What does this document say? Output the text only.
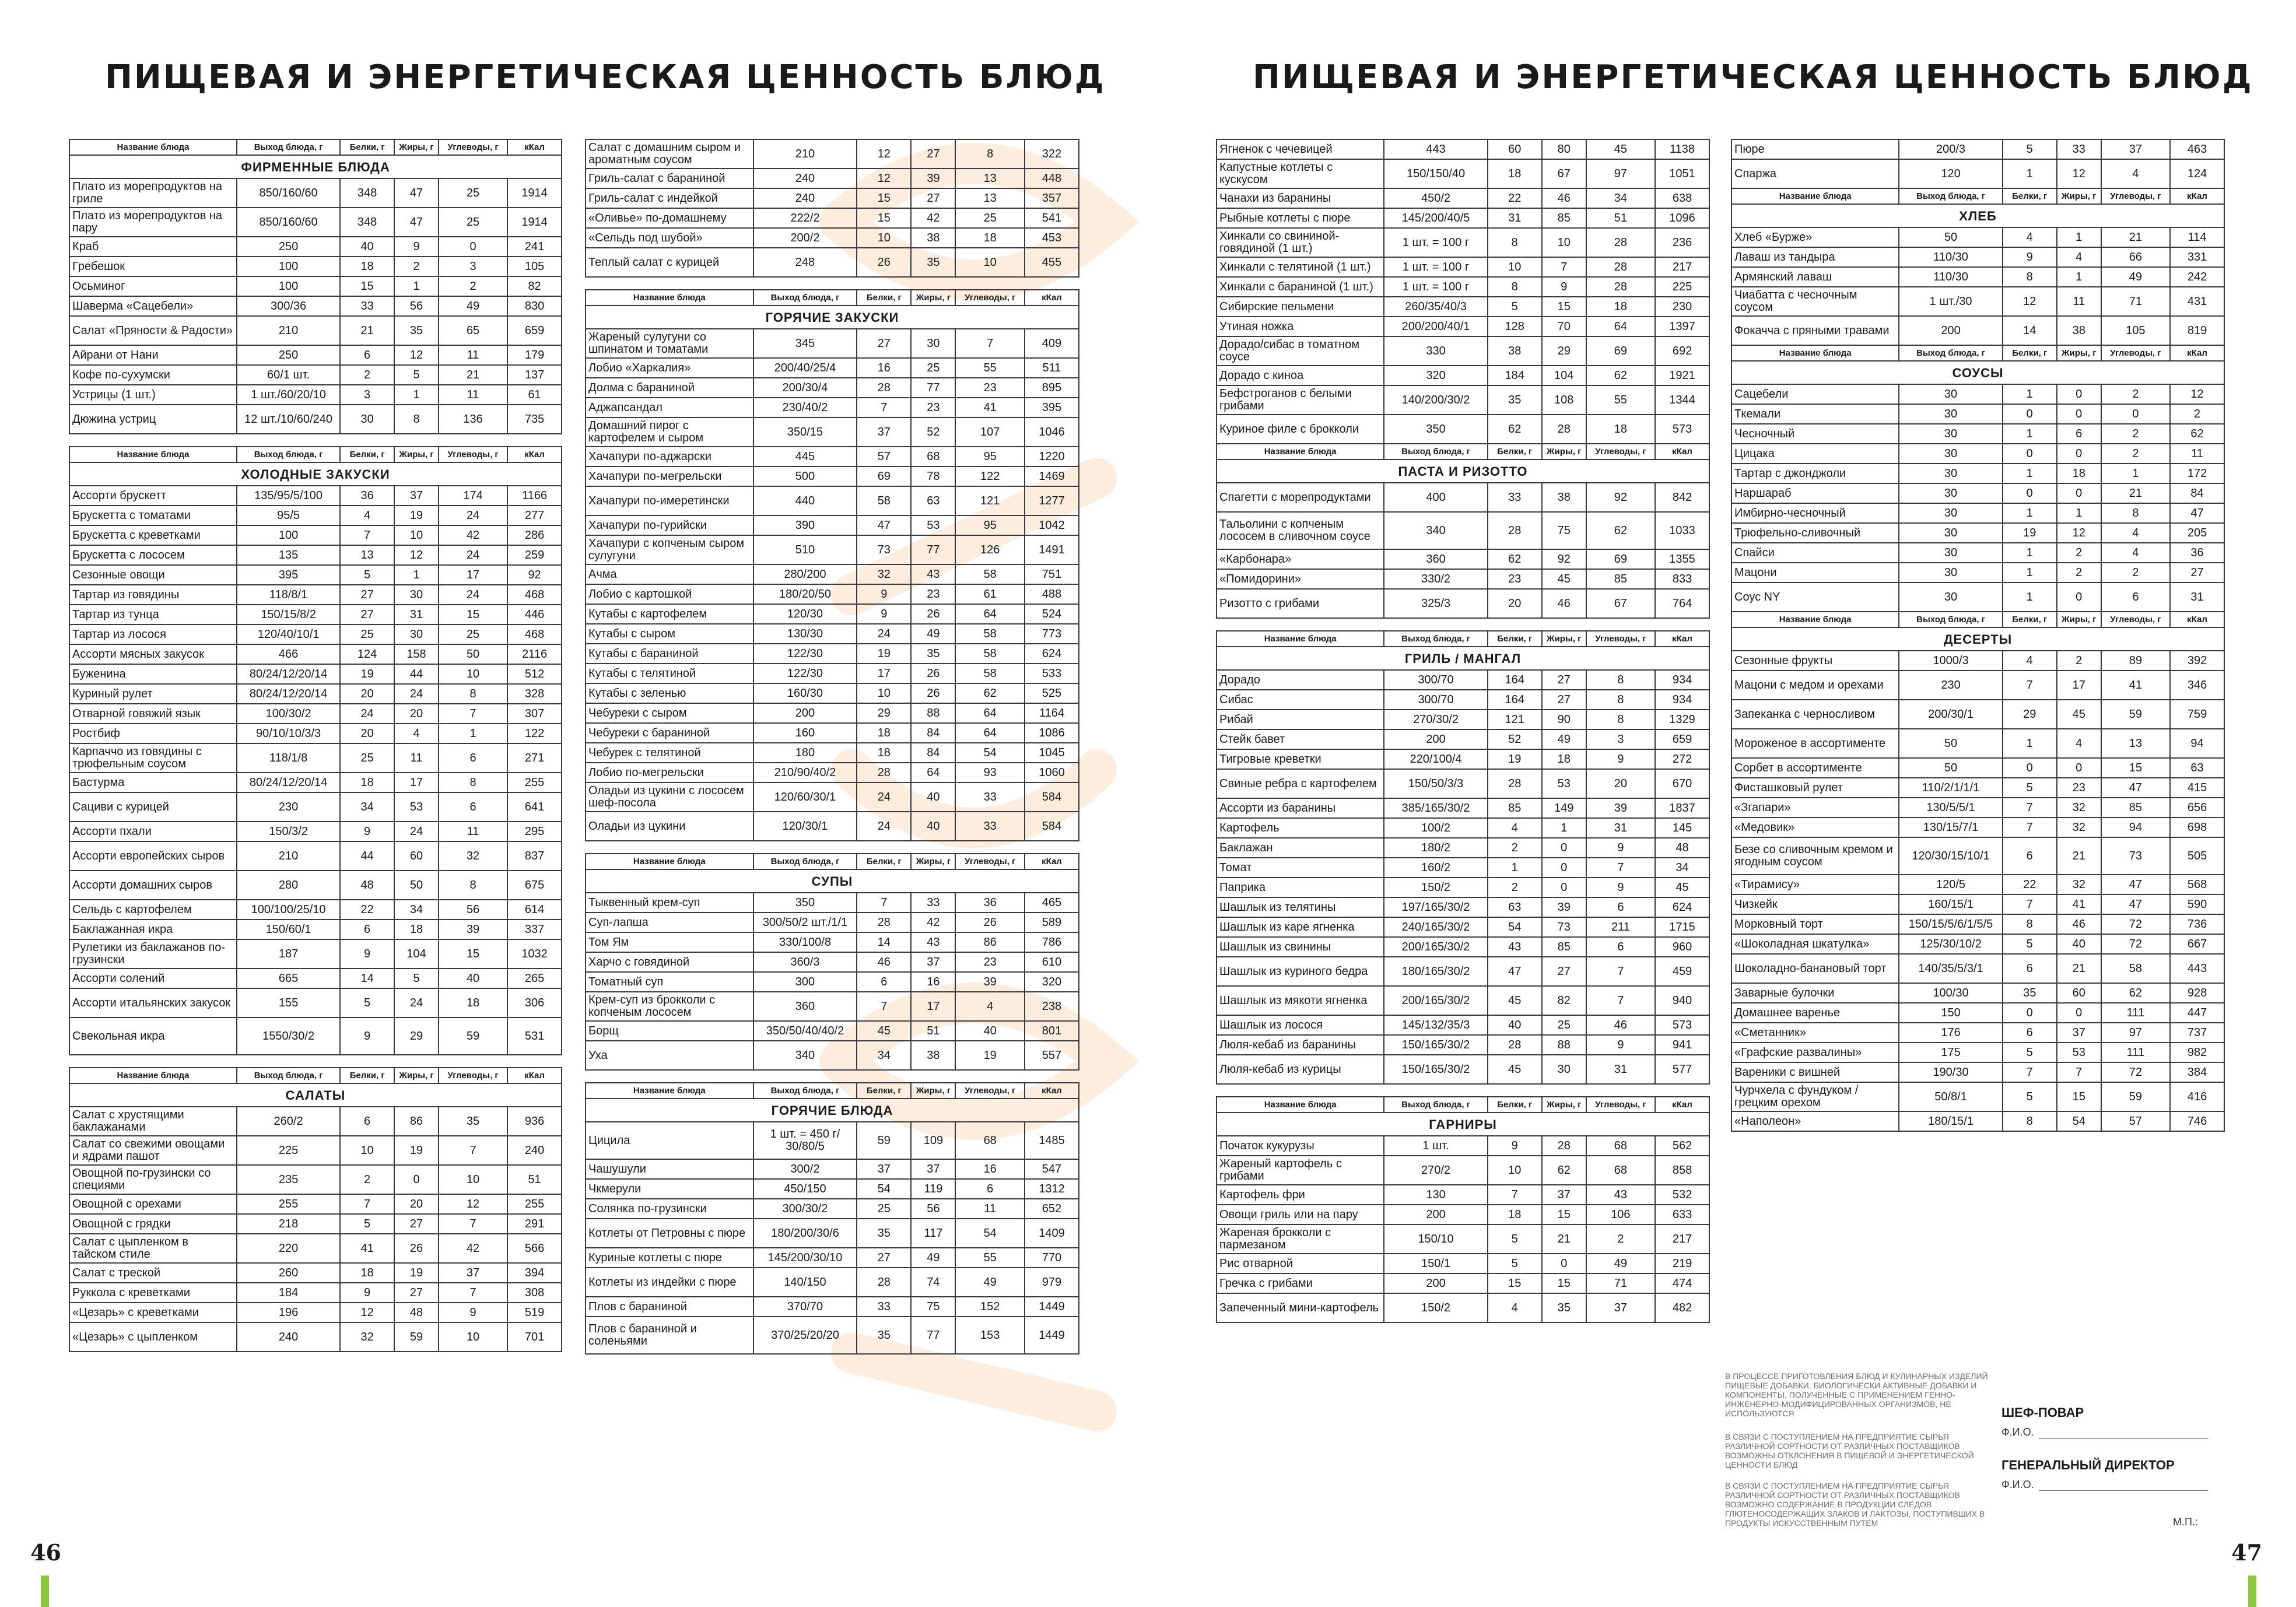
ПИЩЕВАЯ И ЭНЕРГЕТИЧЕСКАЯ ЦЕННОСТЬ БЛЮД	ПИЩЕВАЯ И ЭНЕРГЕТИЧЕСКАЯ ЦЕННОСТЬ БЛЮД
Название блюда	Выход блюда, г	Белки, г	Жиры, г	Углеводы, г	кКал
ФИРМЕННЫЕ БЛЮДА					
Плато из морепродуктов на гриле	850/160/60	348	47	25	1914
Плато из морепродуктов на пару	850/160/60	348	47	25	1914
Краб	250	40	9	0	241
Гребешок	100	18	2	3	105
Осьминог	100	15	1	2	82
Шаверма «Сацебели»	300/36	33	56	49	830
Салат «Пряности & Радости»	210	21	35	65	659
Айрани от Нани	250	6	12	11	179
Кофе по-сухумски	60/1 шт.	2	5	21	137
Устрицы (1 шт.)	1 шт./60/20/10	3	1	11	61
Дюжина устриц	12 шт./10/60/240	30	8	136	735

Название блюда	Выход блюда, г	Белки, г	Жиры, г	Углеводы, г	кКал
ХОЛОДНЫЕ ЗАКУСКИ					
Ассорти брускетт	135/95/5/100	36	37	174	1166
Брускетта с томатами	95/5	4	19	24	277
Брускетта с креветками	100	7	10	42	286
Брускетта с лососем	135	13	12	24	259
Сезонные овощи	395	5	1	17	92
Тартар из говядины	118/8/1	27	30	24	468
Тартар из тунца	150/15/8/2	27	31	15	446
Тартар из лосося	120/40/10/1	25	30	25	468
Ассорти мясных закусок	466	124	158	50	2116
Буженина	80/24/12/20/14	19	44	10	512
Куриный рулет	80/24/12/20/14	20	24	8	328
Отварной говяжий язык	100/30/2	24	20	7	307
Ростбиф	90/10/10/3/3	20	4	1	122
Карпаччо из говядины с трюфельным соусом	118/1/8	25	11	6	271
Бастурма	80/24/12/20/14	18	17	8	255
Сациви с курицей	230	34	53	6	641
Ассорти пхали	150/3/2	9	24	11	295
Ассорти европейских сыров	210	44	60	32	837
Ассорти домашних сыров	280	48	50	8	675
Сельдь с картофелем	100/100/25/10	22	34	56	614
Баклажанная икра	150/60/1	6	18	39	337
Рулетики из баклажанов по-грузински	187	9	104	15	1032
Ассорти солений	665	14	5	40	265
Ассорти итальянских закусок	155	5	24	18	306
Свекольная икра	1550/30/2	9	29	59	531

Название блюда	Выход блюда, г	Белки, г	Жиры, г	Углеводы, г	кКал
САЛАТЫ					
Салат с хрустящими баклажанами	260/2	6	86	35	936
Салат со свежими овощами и ядрами пашот	225	10	19	7	240
Овощной по-грузински со специями	235	2	0	10	51
Овощной с орехами	255	7	20	12	255
Овощной с грядки	218	5	27	7	291
Салат с цыпленком в тайском стиле	220	41	26	42	566
Салат с треской	260	18	19	37	394
Руккола с креветками	184	9	27	7	308
«Цезарь» с креветками	196	12	48	9	519
«Цезарь» с цыпленком	240	32	59	10	701
Салат с домашним сыром и ароматным соусом	210	12	27	8	322
Гриль-салат с бараниной	240	12	39	13	448
Гриль-салат с индейкой	240	15	27	13	357
«Оливье» по-домашнему	222/2	15	42	25	541
«Сельдь под шубой»	200/2	10	38	18	453
Теплый салат с курицей	248	26	35	10	455

Название блюда	Выход блюда, г	Белки, г	Жиры, г	Углеводы, г	кКал
ГОРЯЧИЕ ЗАКУСКИ					
Жареный сулугуни со шпинатом и томатами	345	27	30	7	409
Лобио «Харкалия»	200/40/25/4	16	25	55	511
Долма с бараниной	200/30/4	28	77	23	895
Аджапсандал	230/40/2	7	23	41	395
Домашний пирог с картофелем и сыром	350/15	37	52	107	1046
Хачапури по-аджарски	445	57	68	95	1220
Хачапури по-мегрельски	500	69	78	122	1469
Хачапури по-имеретински	440	58	63	121	1277
Хачапури по-гурийски	390	47	53	95	1042
Хачапури с копченым сыром сулугуни	510	73	77	126	1491
Ачма	280/200	32	43	58	751
Лобио с картошкой	180/20/50	9	23	61	488
Кутабы с картофелем	120/30	9	26	64	524
Кутабы с сыром	130/30	24	49	58	773
Кутабы с бараниной	122/30	19	35	58	624
Кутабы с телятиной	122/30	17	26	58	533
Кутабы с зеленью	160/30	10	26	62	525
Чебуреки с сыром	200	29	88	64	1164
Чебуреки с бараниной	160	18	84	64	1086
Чебурек с телятиной	180	18	84	54	1045
Лобио по-мегрельски	210/90/40/2	28	64	93	1060
Оладьи из цукини с лососем шеф-посола	120/60/30/1	24	40	33	584
Оладьи из цукини	120/30/1	24	40	33	584

Название блюда	Выход блюда, г	Белки, г	Жиры, г	Углеводы, г	кКал
СУПЫ					
Тыквенный крем-суп	350	7	33	36	465
Суп-лапша	300/50/2 шт./1/1	28	42	26	589
Том Ям	330/100/8	14	43	86	786
Харчо с говядиной	360/3	46	37	23	610
Томатный суп	300	6	16	39	320
Крем-суп из брокколи с копченым лососем	360	7	17	4	238
Борщ	350/50/40/40/2	45	51	40	801
Уха	340	34	38	19	557

Название блюда	Выход блюда, г	Белки, г	Жиры, г	Углеводы, г	кКал
ГОРЯЧИЕ БЛЮДА					
Цицила	1 шт. = 450 г/ 30/80/5	59	109	68	1485
Чашушули	300/2	37	37	16	547
Чкмерули	450/150	54	119	6	1312
Солянка по-грузински	300/30/2	25	56	11	652
Котлеты от Петровны с пюре	180/200/30/6	35	117	54	1409
Куриные котлеты с пюре	145/200/30/10	27	49	55	770
Котлеты из индейки с пюре	140/150	28	74	49	979
Плов с бараниной	370/70	33	75	152	1449
Плов с бараниной и соленьями	370/25/20/20	35	77	153	1449
Ягненок с чечевицей	443	60	80	45	1138
Капустные котлеты с кускусом	150/150/40	18	67	97	1051
Чанахи из баранины	450/2	22	46	34	638
Рыбные котлеты с пюре	145/200/40/5	31	85	51	1096
Хинкали со свининой-говядиной (1 шт.)	1 шт. = 100 г	8	10	28	236
Хинкали с телятиной (1 шт.)	1 шт. = 100 г	10	7	28	217
Хинкали с бараниной (1 шт.)	1 шт. = 100 г	8	9	28	225
Сибирские пельмени	260/35/40/3	5	15	18	230
Утиная ножка	200/200/40/1	128	70	64	1397
Дорадо/сибас в томатном соусе	330	38	29	69	692
Дорадо с киноа	320	184	104	62	1921
Бефстроганов с белыми грибами	140/200/30/2	35	108	55	1344
Куриное филе с брокколи	350	62	28	18	573
Название блюда	Выход блюда, г	Белки, г	Жиры, г	Углеводы, г	кКал
ПАСТА И РИЗОТТО					
Спагетти с морепродуктами	400	33	38	92	842
Тальолини с копченым лососем в сливочном соусе	340	28	75	62	1033
«Карбонара»	360	62	92	69	1355
«Помидорини»	330/2	23	45	85	833
Ризотто с грибами	325/3	20	46	67	764

Название блюда	Выход блюда, г	Белки, г	Жиры, г	Углеводы, г	кКал
ГРИЛЬ / МАНГАЛ					
Дорадо	300/70	164	27	8	934
Сибас	300/70	164	27	8	934
Рибай	270/30/2	121	90	8	1329
Стейк бавет	200	52	49	3	659
Тигровые креветки	220/100/4	19	18	9	272
Свиные ребра с картофелем	150/50/3/3	28	53	20	670
Ассорти из баранины	385/165/30/2	85	149	39	1837
Картофель	100/2	4	1	31	145
Баклажан	180/2	2	0	9	48
Томат	160/2	1	0	7	34
Паприка	150/2	2	0	9	45
Шашлык из телятины	197/165/30/2	63	39	6	624
Шашлык из каре ягненка	240/165/30/2	54	73	211	1715
Шашлык из свинины	200/165/30/2	43	85	6	960
Шашлык из куриного бедра	180/165/30/2	47	27	7	459
Шашлык из мякоти ягненка	200/165/30/2	45	82	7	940
Шашлык из лосося	145/132/35/3	40	25	46	573
Люля-кебаб из баранины	150/165/30/2	28	88	9	941
Люля-кебаб из курицы	150/165/30/2	45	30	31	577

Название блюда	Выход блюда, г	Белки, г	Жиры, г	Углеводы, г	кКал
ГАРНИРЫ					
Початок кукурузы	1 шт.	9	28	68	562
Жареный картофель с грибами	270/2	10	62	68	858
Картофель фри	130	7	37	43	532
Овощи гриль или на пару	200	18	15	106	633
Жареная брокколи с пармезаном	150/10	5	21	2	217
Рис отварной	150/1	5	0	49	219
Гречка с грибами	200	15	15	71	474
Запеченный мини-картофель	150/2	4	35	37	482
Пюре	200/3	5	33	37	463
Спаржа	120	1	12	4	124
Название блюда	Выход блюда, г	Белки, г	Жиры, г	Углеводы, г	кКал
ХЛЕБ					
Хлеб «Бурже»	50	4	1	21	114
Лаваш из тандыра	110/30	9	4	66	331
Армянский лаваш	110/30	8	1	49	242
Чиабатта с чесночным соусом	1 шт./30	12	11	71	431
Фокачча с пряными травами	200	14	38	105	819
Название блюда	Выход блюда, г	Белки, г	Жиры, г	Углеводы, г	кКал
СОУСЫ					
Сацебели	30	1	0	2	12
Ткемали	30	0	0	0	2
Чесночный	30	1	6	2	62
Цицака	30	0	0	2	11
Тартар с джонджоли	30	1	18	1	172
Наршараб	30	0	0	21	84
Имбирно-чесночный	30	1	1	8	47
Трюфельно-сливочный	30	19	12	4	205
Спайси	30	1	2	4	36
Мацони	30	1	2	2	27
Соус NY	30	1	0	6	31
Название блюда	Выход блюда, г	Белки, г	Жиры, г	Углеводы, г	кКал
ДЕСЕРТЫ					
Сезонные фрукты	1000/3	4	2	89	392
Мацони с медом и орехами	230	7	17	41	346
Запеканка с черносливом	200/30/1	29	45	59	759
Мороженое в ассортименте	50	1	4	13	94
Сорбет в ассортименте	50	0	0	15	63
Фисташковый рулет	110/2/1/1/1	5	23	47	415
«Згапари»	130/5/5/1	7	32	85	656
«Медовик»	130/15/7/1	7	32	94	698
Безе со сливочным кремом и ягодным соусом	120/30/15/10/1	6	21	73	505
«Тирамису»	120/5	22	32	47	568
Чизкейк	160/15/1	7	41	47	590
Морковный торт	150/15/5/6/1/5/5	8	46	72	736
«Шоколадная шкатулка»	125/30/10/2	5	40	72	667
Шоколадно-банановый торт	140/35/5/3/1	6	21	58	443
Заварные булочки	100/30	35	60	62	928
Домашнее варенье	150	0	0	111	447
«Сметанник»	176	6	37	97	737
«Графские развалины»	175	5	53	111	982
Вареники с вишней	190/30	7	7	72	384
Чурчхела с фундуком / грецким орехом	50/8/1	5	15	59	416
«Наполеон»	180/15/1	8	54	57	746

В ПРОЦЕССЕ ПРИГОТОВЛЕНИЯ БЛЮД И КУЛИНАРНЫХ ИЗДЕЛИЙ ПИЩЕВЫЕ ДОБАВКИ, БИОЛОГИЧЕСКИ АКТИВНЫЕ ДОБАВКИ И КОМПОНЕНТЫ, ПОЛУЧЕННЫЕ С ПРИМЕНЕНИЕМ ГЕННО-ИНЖЕНЕРНО-МОДИФИЦИРОВАННЫХ ОРГАНИЗМОВ, НЕ ИСПОЛЬЗУЮТСЯ

В СВЯЗИ С ПОСТУПЛЕНИЕМ НА ПРЕДПРИЯТИЕ СЫРЬЯ РАЗЛИЧНОЙ СОРТНОСТИ ОТ РАЗЛИЧНЫХ ПОСТАВЩИКОВ ВОЗМОЖНЫ ОТКЛОНЕНИЯ В ПИЩЕВОЙ И ЭНЕРГЕТИЧЕСКОЙ ЦЕННОСТИ БЛЮД

В СВЯЗИ С ПОСТУПЛЕНИЕМ НА ПРЕДПРИЯТИЕ СЫРЬЯ РАЗЛИЧНОЙ СОРТНОСТИ ОТ РАЗЛИЧНЫХ ПОСТАВЩИКОВ ВОЗМОЖНО СОДЕРЖАНИЕ В ПРОДУКЦИИ СЛЕДОВ ГЛЮТЕНОСОДЕРЖАЩИХ ЗЛАКОВ И ЛАКТОЗЫ, ПОСТУПИВШИХ В ПРОДУКТЫ ИСКУССТВЕННЫМ ПУТЕМ

ШЕФ-ПОВАР
Ф.И.О.
ГЕНЕРАЛЬНЫЙ ДИРЕКТОР
Ф.И.О.
М.П.:
46	47
